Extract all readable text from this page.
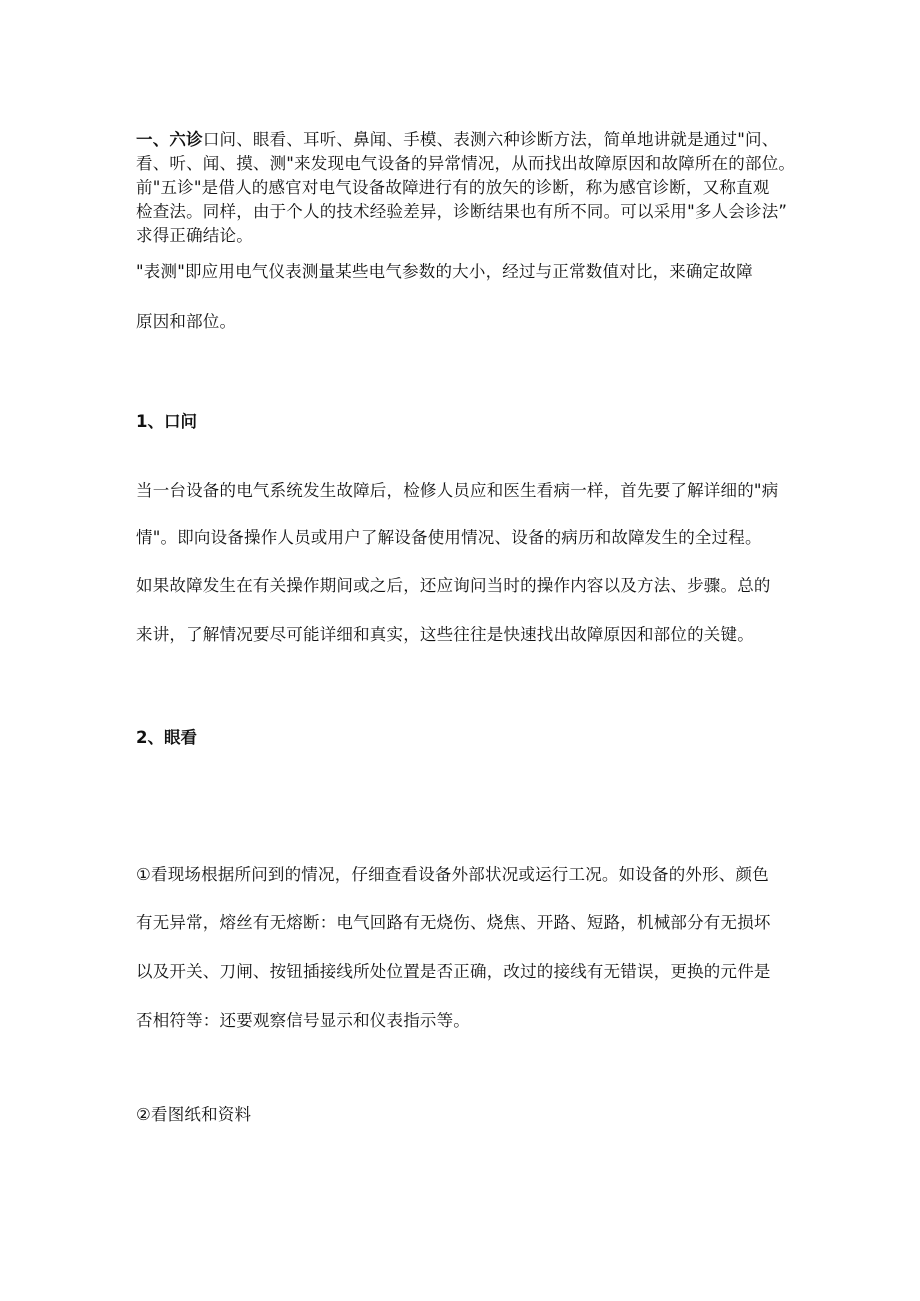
一、六诊口问、眼看、耳听、鼻闻、手模、表测六种诊断方法，简单地讲就是通过"问、
看、听、闻、摸、测"来发现电气设备的异常情况，从而找出故障原因和故障所在的部位。
前"五诊"是借人的感官对电气设备故障进行有的放矢的诊断，称为感官诊断，又称直观
检查法。同样，由于个人的技术经验差异，诊断结果也有所不同。可以采用"多人会诊法”
求得正确结论。

"表测"即应用电气仪表测量某些电气参数的大小，经过与正常数值对比，来确定故障

原因和部位。

1、口问

当一台设备的电气系统发生故障后，检修人员应和医生看病一样，首先要了解详细的"病

情"。即向设备操作人员或用户了解设备使用情况、设备的病历和故障发生的全过程。

如果故障发生在有关操作期间或之后，还应询问当时的操作内容以及方法、步骤。总的

来讲，了解情况要尽可能详细和真实，这些往往是快速找出故障原因和部位的关键。

2、眼看

①看现场根据所问到的情况，仔细查看设备外部状况或运行工况。如设备的外形、颜色

有无异常，熔丝有无熔断：电气回路有无烧伤、烧焦、开路、短路，机械部分有无损坏

以及开关、刀闸、按钮插接线所处位置是否正确，改过的接线有无错误，更换的元件是

否相符等：还要观察信号显示和仪表指示等。

②看图纸和资料
